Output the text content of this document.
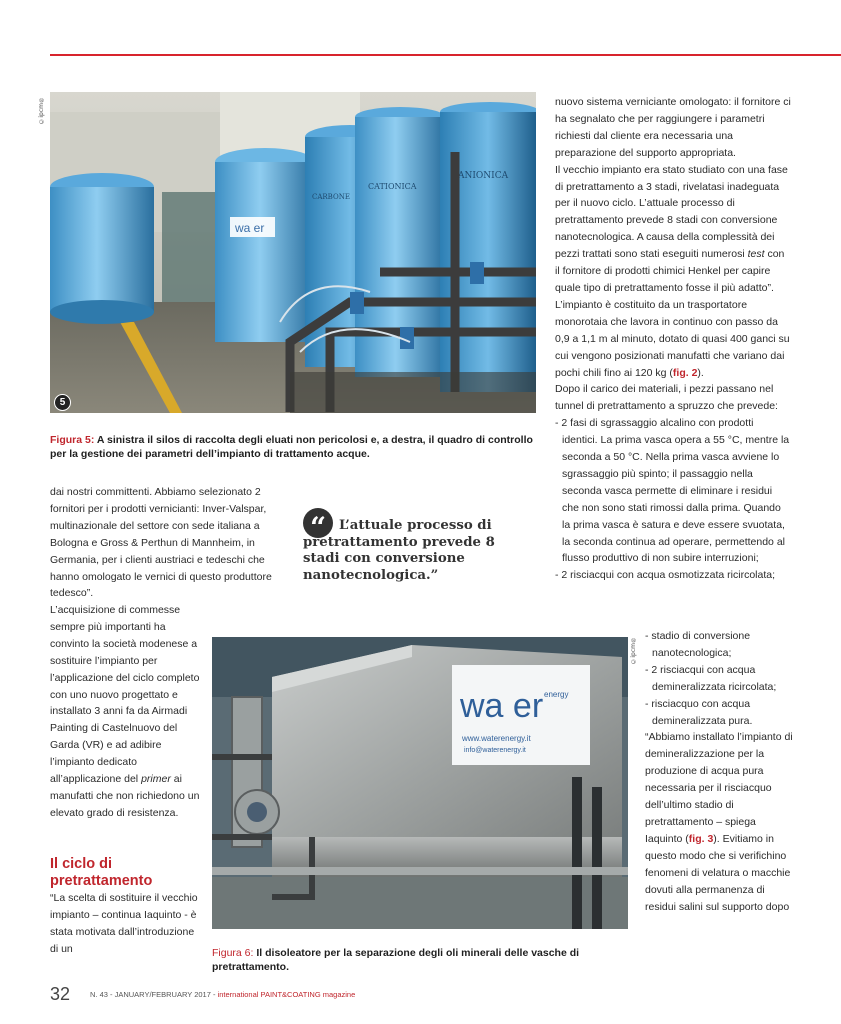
©ipcm®
wa er
CARBONE
CATIONICA
ANIONICA
5
Figura 5: A sinistra il silos di raccolta degli eluati non pericolosi e, a destra, il quadro di controllo per la gestione dei parametri dell’impianto di trattamento acque.

dai nostri committenti. Abbiamo selezionato 2 fornitori per i prodotti vernicianti: Inver-Valspar, multinazionale del settore con sede italiana a Bologna e Gross & Perthun di Mannheim, in Germania, per i clienti austriaci e tedeschi che hanno omologato le vernici di questo produttore tedesco”.

L’acquisizione di commesse sempre più importanti ha convinto la società modenese a sostituire l’impianto per l’applicazione del ciclo completo con uno nuovo progettato e installato 3 anni fa da Airmadi Painting di Castelnuovo del Garda (VR) e ad adibire l’impianto dedicato all’applicazione del primer ai manufatti che non richiedono un elevato grado di resistenza.

Il ciclo di pretrattamento

“La scelta di sostituire il vecchio impianto – continua Iaquinto - è stata motivata dall’introduzione di un

“ L’attuale processo di pretrattamento prevede 8 stadi con conversione nanotecnologica.”

nuovo sistema verniciante omologato: il fornitore ci ha segnalato che per raggiungere i parametri richiesti dal cliente era necessaria una preparazione del supporto appropriata.

Il vecchio impianto era stato studiato con una fase di pretrattamento a 3 stadi, rivelatasi inadeguata per il nuovo ciclo. L’attuale processo di pretrattamento prevede 8 stadi con conversione nanotecnologica. A causa della complessità dei pezzi trattati sono stati eseguiti numerosi test con il fornitore di prodotti chimici Henkel per capire quale tipo di pretrattamento fosse il più adatto”.

L’impianto è costituito da un trasportatore monorotaia che lavora in continuo con passo da 0,9 a 1,1 m al minuto, dotato di quasi 400 ganci su cui vengono posizionati manufatti che variano dai pochi chili fino ai 120 kg (fig. 2).

Dopo il carico dei materiali, i pezzi passano nel tunnel di pretrattamento a spruzzo che prevede:

- 2 fasi di sgrassaggio alcalino con prodotti identici. La prima vasca opera a 55 °C, mentre la seconda a 50 °C. Nella prima vasca avviene lo sgrassaggio più spinto; il passaggio nella seconda vasca permette di eliminare i residui che non sono stati rimossi dalla prima. Quando la prima vasca è satura e deve essere svuotata, la seconda continua ad operare, permettendo al flusso produttivo di non subire interruzioni;

- 2 risciacqui con acqua osmotizzata ricircolata;

- stadio di conversione nanotecnologica;

- 2 risciacqui con acqua demineralizzata ricircolata;

- risciacquo con acqua demineralizzata pura.

“Abbiamo installato l’impianto di demineralizzazione per la produzione di acqua pura necessaria per il risciacquo dell’ultimo stadio di pretrattamento – spiega Iaquinto (fig. 3). Evitiamo in questo modo che si verifichino fenomeni di velatura o macchie dovuti alla permanenza di residui salini sul supporto dopo

©ipcm®
wa er energy
www.waterenergy.it
info@waterenergy.it
Figura 6: Il disoleatore per la separazione degli oli minerali delle vasche di pretrattamento.
32	N. 43 - JANUARY/FEBRUARY 2017 - international PAINT&COATING magazine
